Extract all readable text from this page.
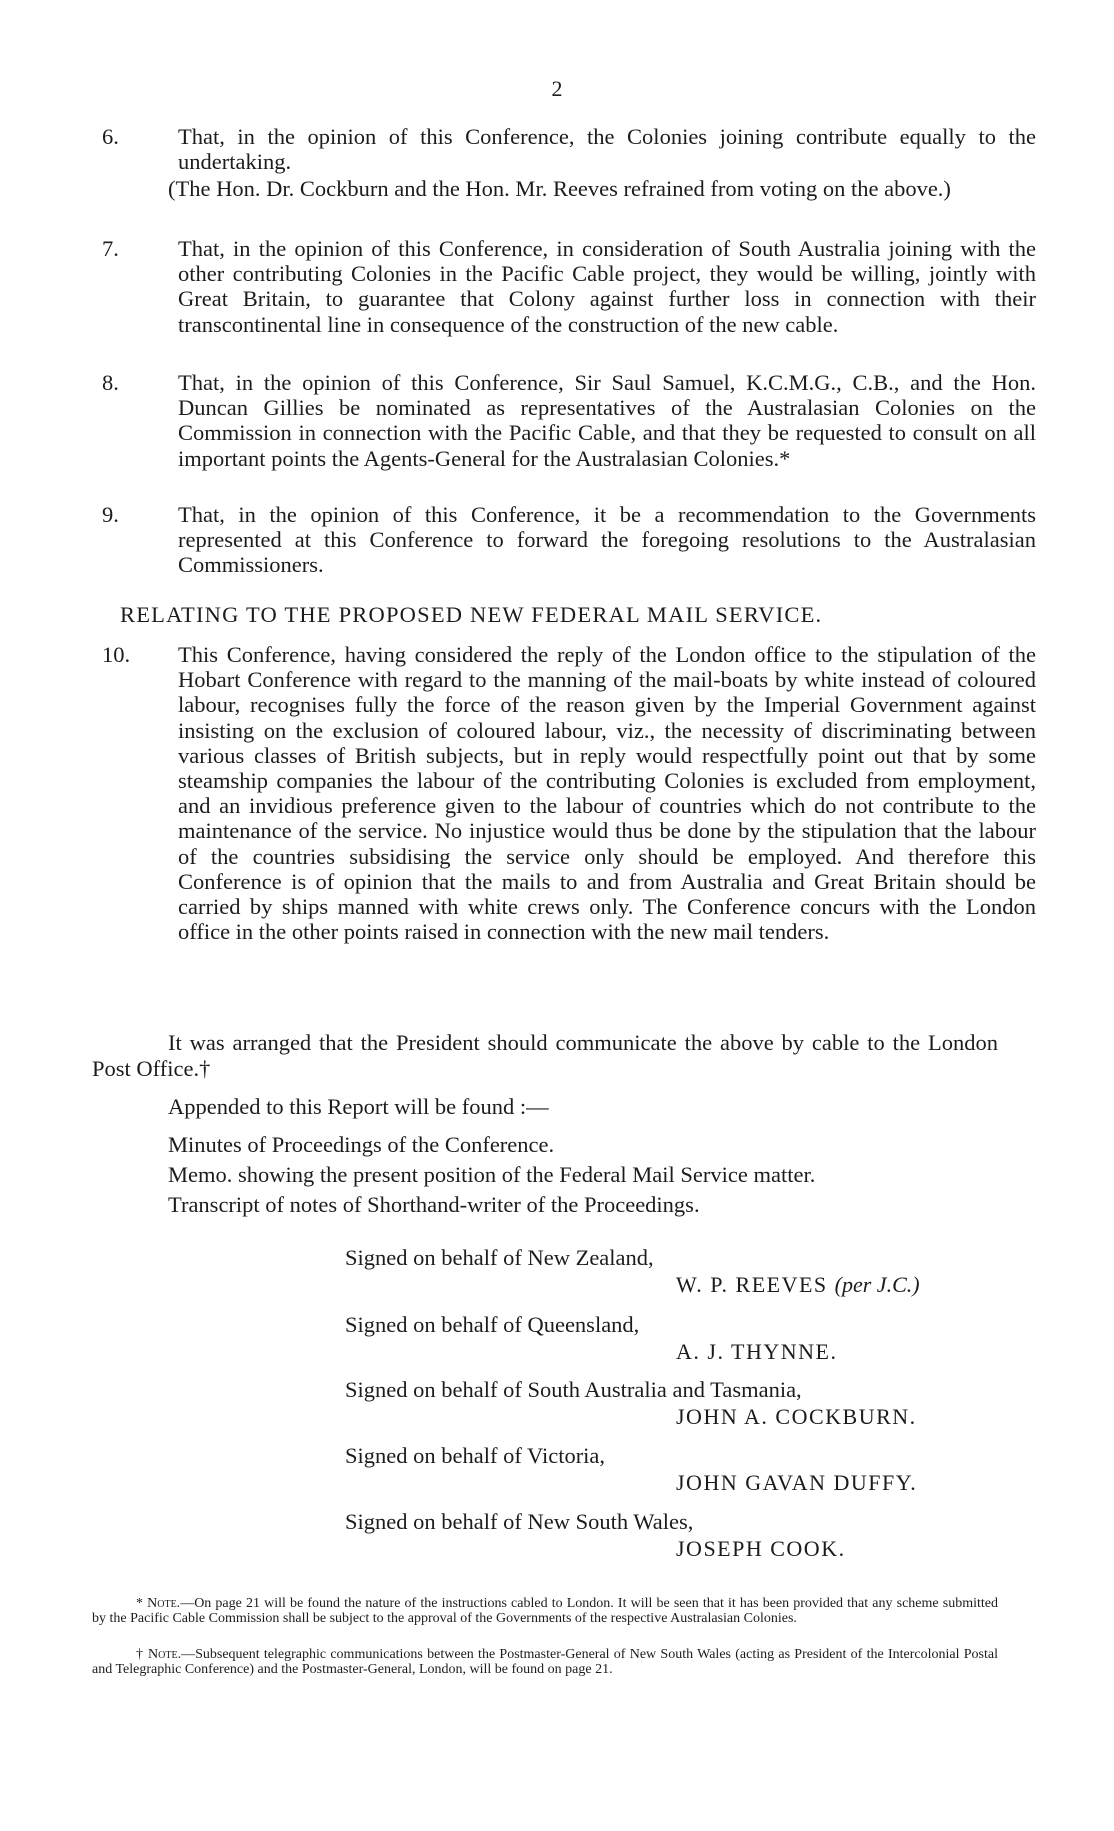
2
6.	That, in the opinion of this Conference, the Colonies joining contribute equally to the undertaking.
(The Hon. Dr. Cockburn and the Hon. Mr. Reeves refrained from voting on the above.)
7.	That, in the opinion of this Conference, in consideration of South Australia joining with the other contributing Colonies in the Pacific Cable project, they would be willing, jointly with Great Britain, to guarantee that Colony against further loss in connection with their transcontinental line in consequence of the construction of the new cable.
8.	That, in the opinion of this Conference, Sir Saul Samuel, K.C.M.G., C.B., and the Hon. Duncan Gillies be nominated as representatives of the Australasian Colonies on the Commission in connection with the Pacific Cable, and that they be requested to consult on all important points the Agents-General for the Australasian Colonies.*
9.	That, in the opinion of this Conference, it be a recommendation to the Governments represented at this Conference to forward the foregoing resolutions to the Australasian Commissioners.
RELATING TO THE PROPOSED NEW FEDERAL MAIL SERVICE.
10. This Conference, having considered the reply of the London office to the stipulation of the Hobart Conference with regard to the manning of the mail-boats by white instead of coloured labour, recognises fully the force of the reason given by the Imperial Government against insisting on the exclusion of coloured labour, viz., the necessity of discriminating between various classes of British subjects, but in reply would respectfully point out that by some steamship companies the labour of the contributing Colonies is excluded from employment, and an invidious preference given to the labour of countries which do not contribute to the maintenance of the service. No injustice would thus be done by the stipulation that the labour of the countries subsidising the service only should be employed. And therefore this Conference is of opinion that the mails to and from Australia and Great Britain should be carried by ships manned with white crews only. The Conference concurs with the London office in the other points raised in connection with the new mail tenders.
It was arranged that the President should communicate the above by cable to the London Post Office.†
Appended to this Report will be found :—
Minutes of Proceedings of the Conference.
Memo. showing the present position of the Federal Mail Service matter.
Transcript of notes of Shorthand-writer of the Proceedings.
Signed on behalf of New Zealand,
W. P. REEVES (per J.C.)
Signed on behalf of Queensland,
A. J. THYNNE.
Signed on behalf of South Australia and Tasmania,
JOHN A. COCKBURN.
Signed on behalf of Victoria,
JOHN GAVAN DUFFY.
Signed on behalf of New South Wales,
JOSEPH COOK.
* Note.—On page 21 will be found the nature of the instructions cabled to London. It will be seen that it has been provided that any scheme submitted by the Pacific Cable Commission shall be subject to the approval of the Governments of the respective Australasian Colonies.
† Note.—Subsequent telegraphic communications between the Postmaster-General of New South Wales (acting as President of the Intercolonial Postal and Telegraphic Conference) and the Postmaster-General, London, will be found on page 21.
